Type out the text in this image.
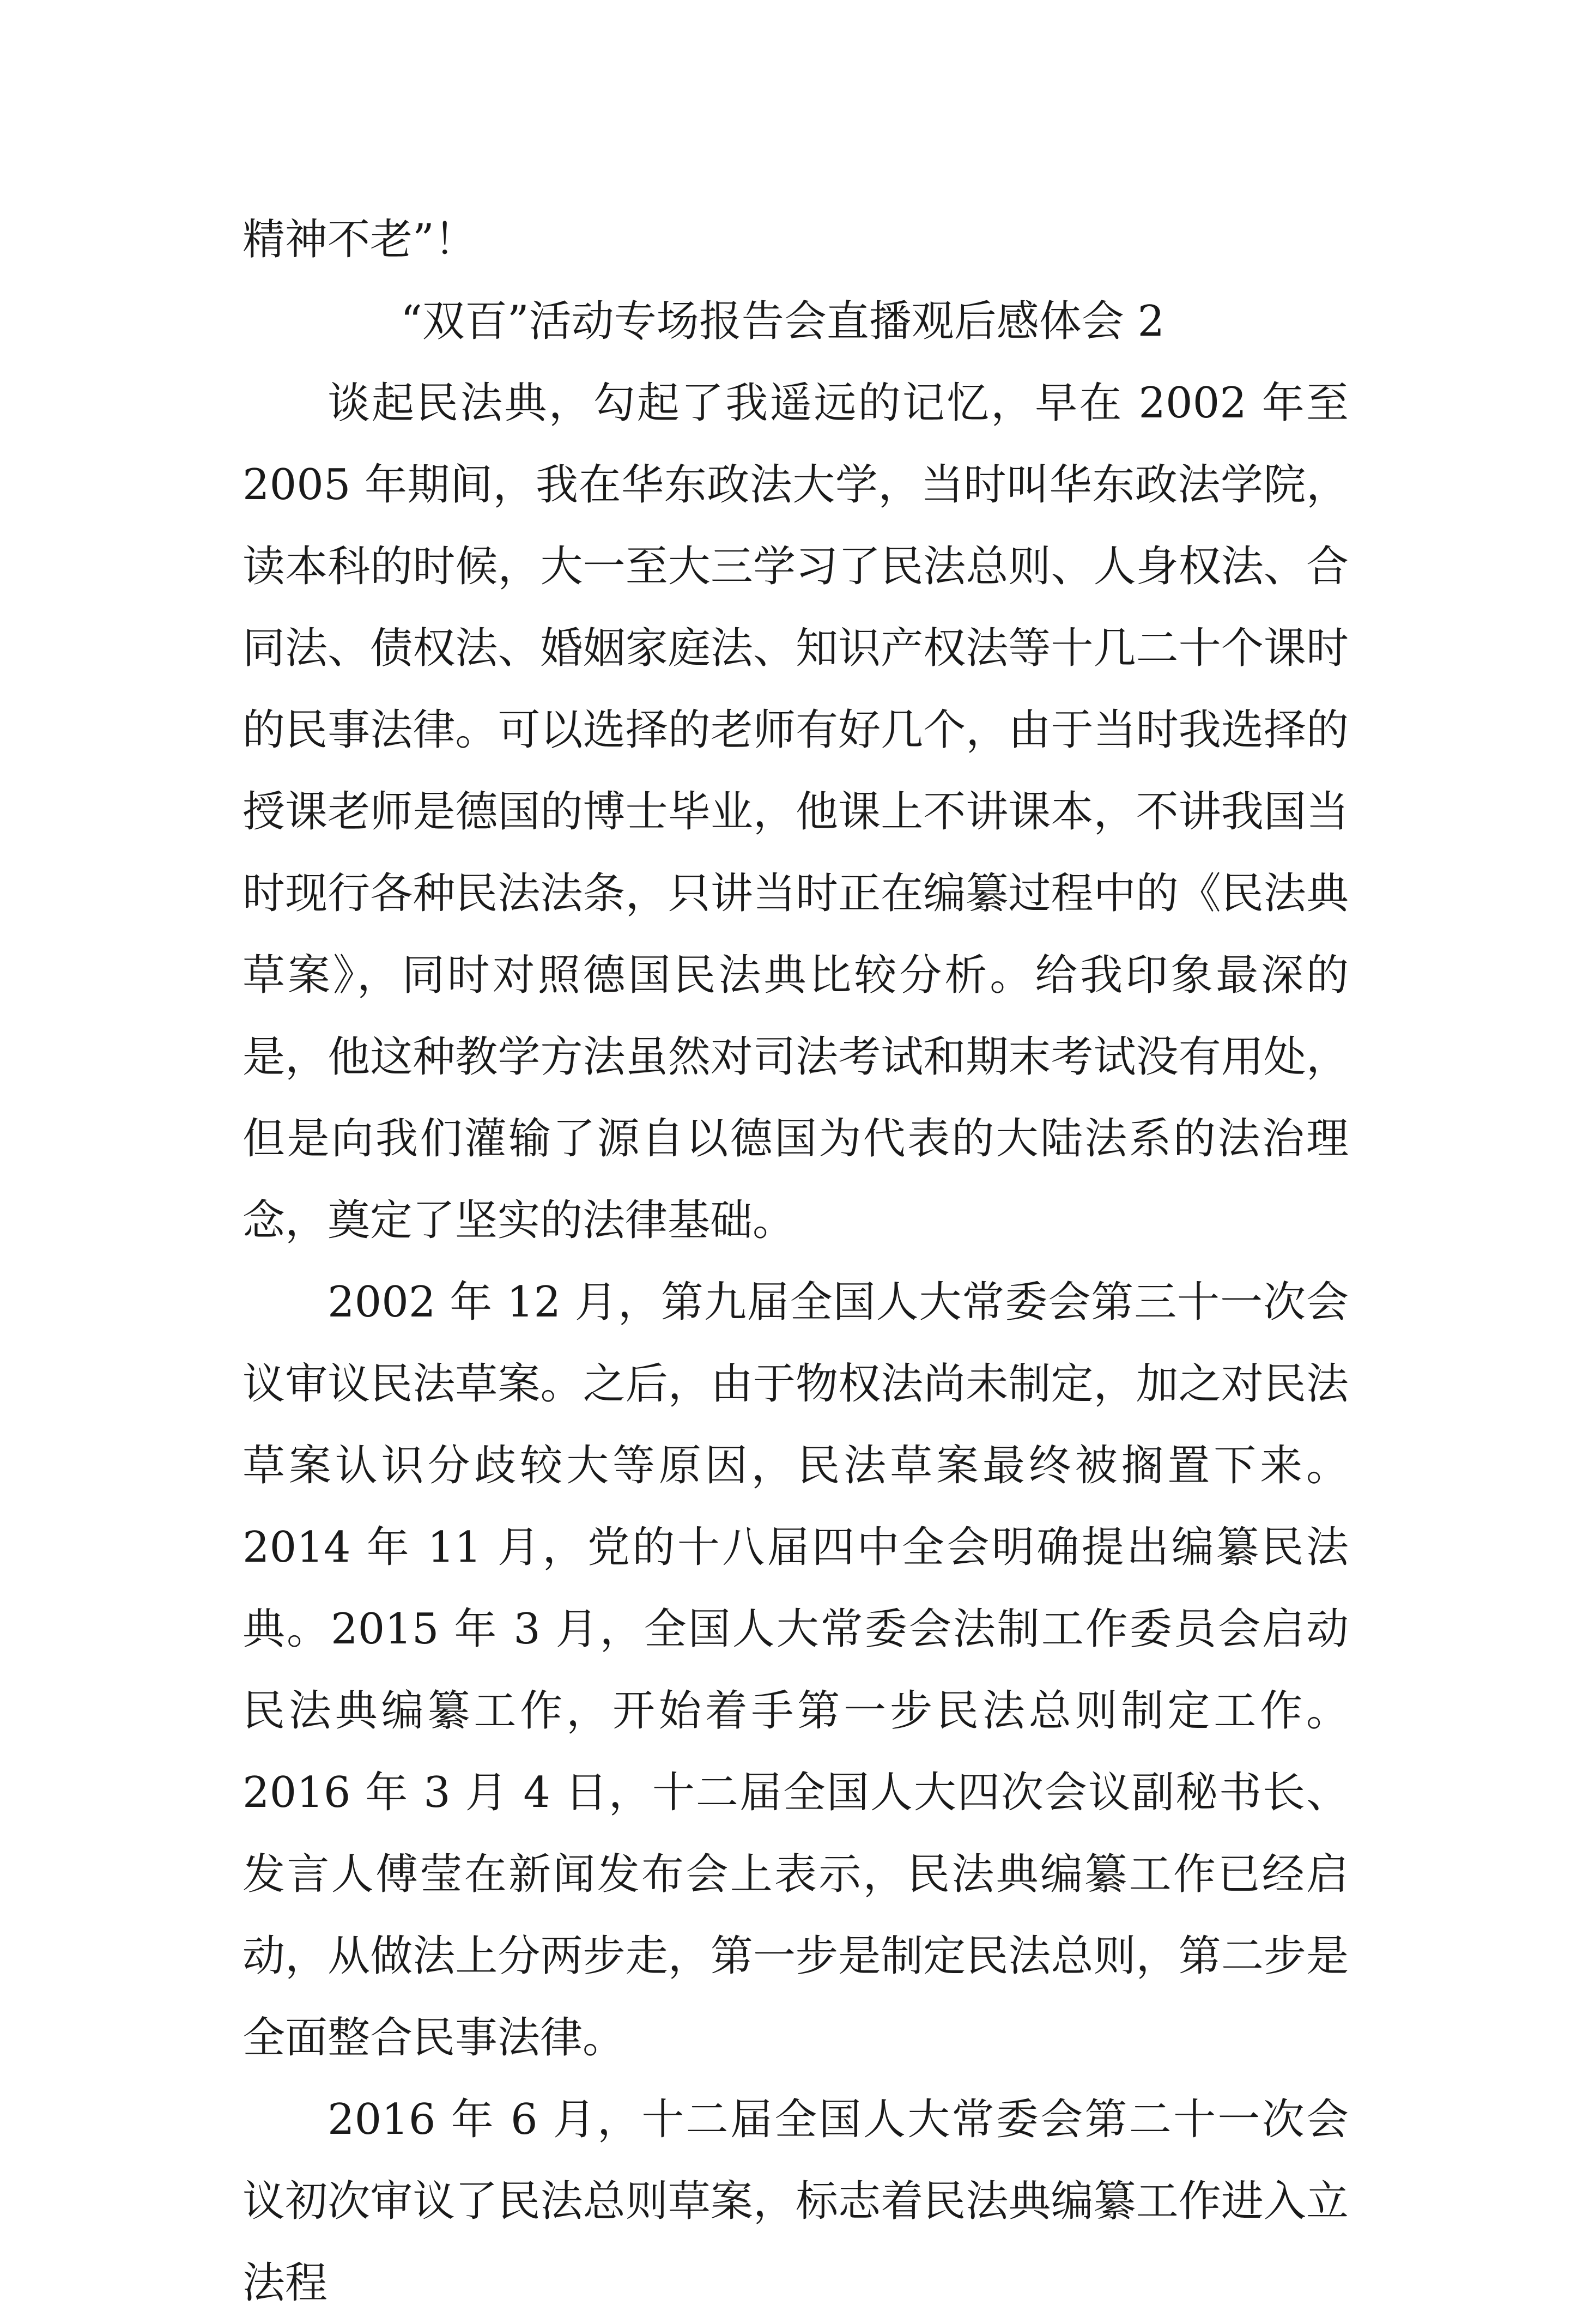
精神不老”！

“双百”活动专场报告会直播观后感体会 2

谈起民法典，勾起了我遥远的记忆，早在 2002 年至 2005 年期间，我在华东政法大学，当时叫华东政法学院，读本科的时候，大一至大三学习了民法总则、人身权法、合同法、债权法、婚姻家庭法、知识产权法等十几二十个课时的民事法律。可以选择的老师有好几个，由于当时我选择的授课老师是德国的博士毕业，他课上不讲课本，不讲我国当时现行各种民法法条，只讲当时正在编纂过程中的《民法典草案》，同时对照德国民法典比较分析。给我印象最深的是，他这种教学方法虽然对司法考试和期末考试没有用处，但是向我们灌输了源自以德国为代表的大陆法系的法治理念，奠定了坚实的法律基础。

2002 年 12 月，第九届全国人大常委会第三十一次会议审议民法草案。之后，由于物权法尚未制定，加之对民法草案认识分歧较大等原因，民法草案最终被搁置下来。2014 年 11 月，党的十八届四中全会明确提出编纂民法典。2015 年 3 月，全国人大常委会法制工作委员会启动民法典编纂工作，开始着手第一步民法总则制定工作。2016 年 3 月 4 日，十二届全国人大四次会议副秘书长、发言人傅莹在新闻发布会上表示，民法典编纂工作已经启动，从做法上分两步走，第一步是制定民法总则，第二步是全面整合民事法律。

2016 年 6 月，十二届全国人大常委会第二十一次会议初次审议了民法总则草案，标志着民法典编纂工作进入立法程
